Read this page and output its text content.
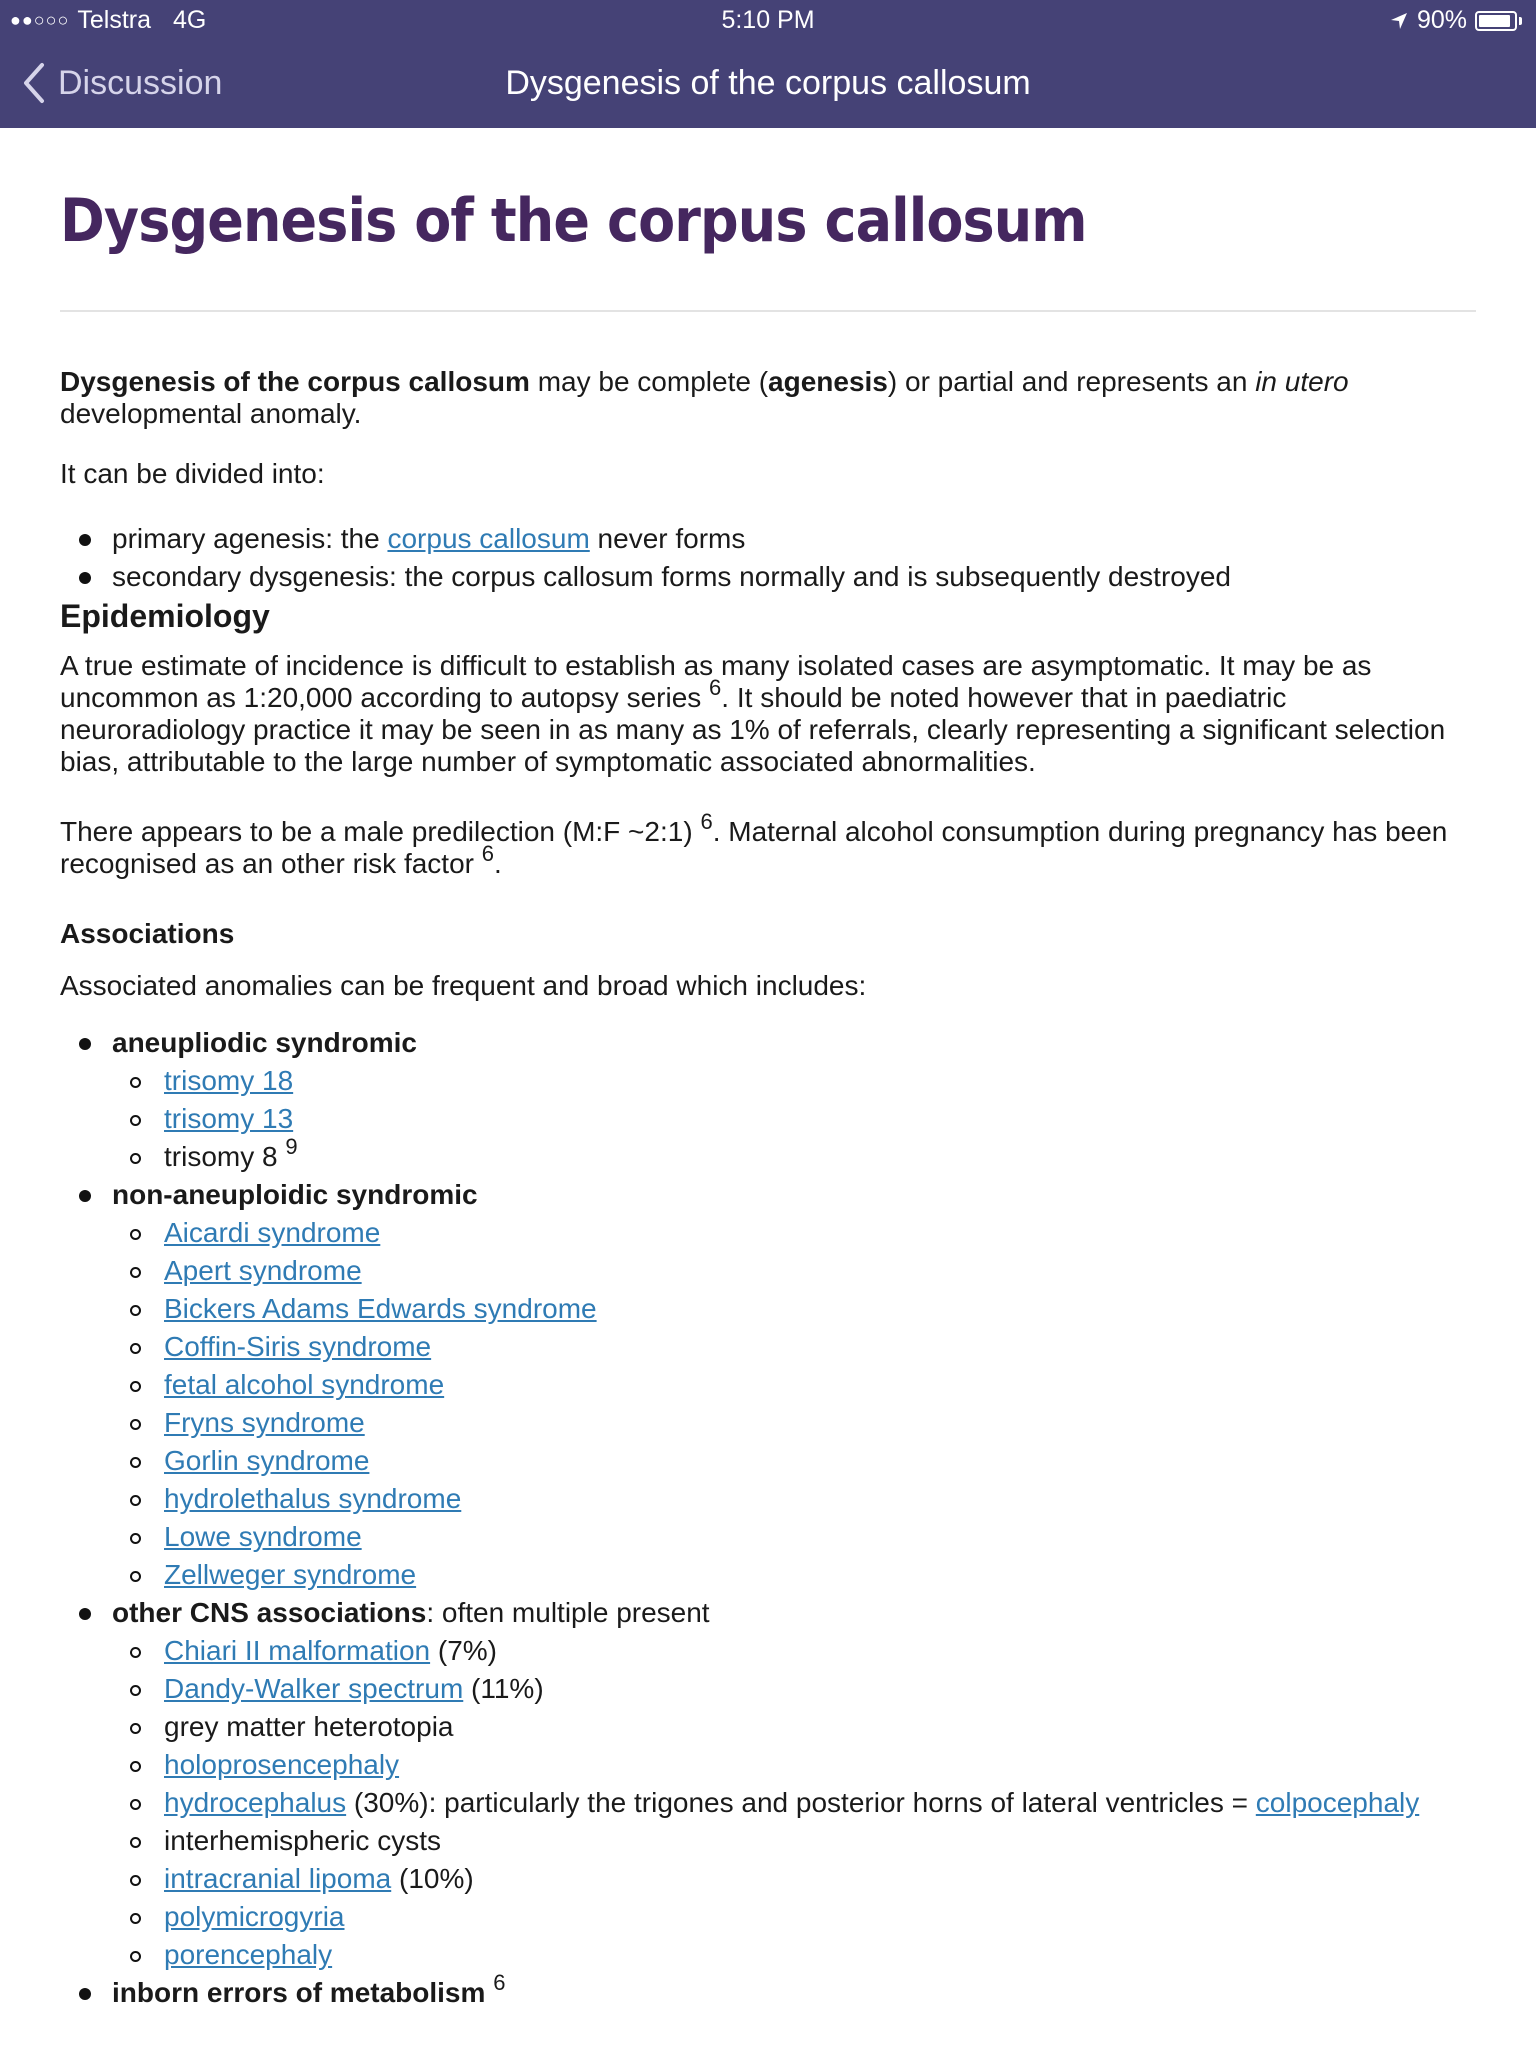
●●○○○ Telstra 4G	5:10 PM	90%
Discussion	Dysgenesis of the corpus callosum
Dysgenesis of the corpus callosum

Dysgenesis of the corpus callosum may be complete (agenesis) or partial and represents an in utero developmental anomaly.

It can be divided into:

primary agenesis: the corpus callosum never forms
secondary dysgenesis: the corpus callosum forms normally and is subsequently destroyed
Epidemiology

A true estimate of incidence is difficult to establish as many isolated cases are asymptomatic. It may be as uncommon as 1:20,000 according to autopsy series $^6$. It should be noted however that in paediatric neuroradiology practice it may be seen in as many as 1% of referrals, clearly representing a significant selection bias, attributable to the large number of symptomatic associated abnormalities.

There appears to be a male predilection (M:F ~2:1) $^6$. Maternal alcohol consumption during pregnancy has been recognised as an other risk factor $^6$.

Associations

Associated anomalies can be frequent and broad which includes:

aneupliodic syndromic
trisomy 18
trisomy 13
trisomy 8 $^9$
non-aneuploidic syndromic
Aicardi syndrome
Apert syndrome
Bickers Adams Edwards syndrome
Coffin-Siris syndrome
fetal alcohol syndrome
Fryns syndrome
Gorlin syndrome
hydrolethalus syndrome
Lowe syndrome
Zellweger syndrome
other CNS associations: often multiple present
Chiari II malformation (7%)
Dandy-Walker spectrum (11%)
grey matter heterotopia
holoprosencephaly
hydrocephalus (30%): particularly the trigones and posterior horns of lateral ventricles = colpocephaly
interhemispheric cysts
intracranial lipoma (10%)
polymicrogyria
porencephaly
inborn errors of metabolism $^6$
